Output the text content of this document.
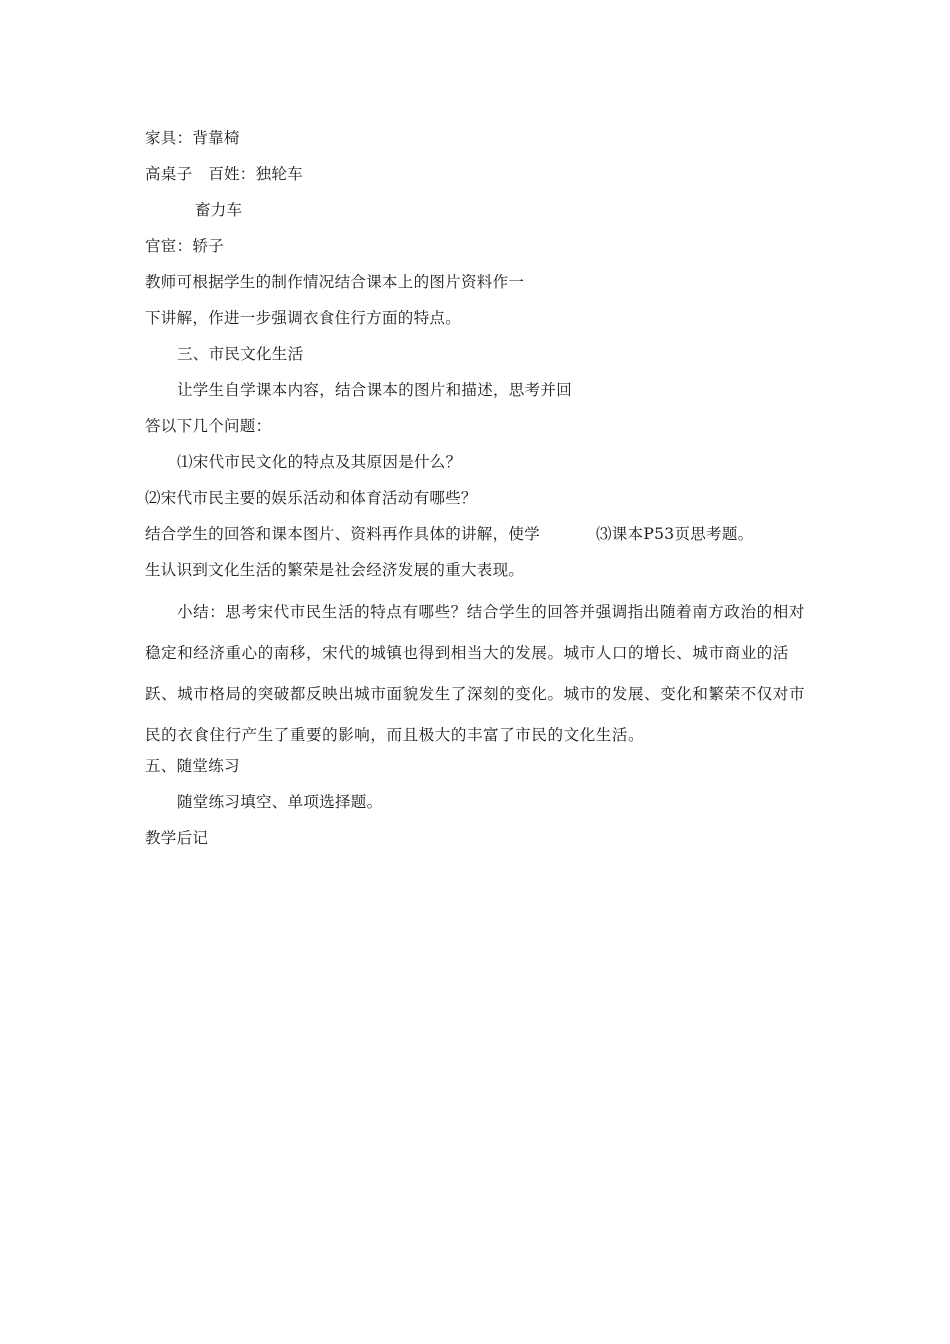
家具：背靠椅
高桌子　百姓：独轮车
畜力车
官宦：轿子
教师可根据学生的制作情况结合课本上的图片资料作一
下讲解，作进一步强调衣食住行方面的特点。
三、市民文化生活
让学生自学课本内容，结合课本的图片和描述，思考并回
答以下几个问题：
⑴宋代市民文化的特点及其原因是什么？
⑵宋代市民主要的娱乐活动和体育活动有哪些？
结合学生的回答和课本图片、资料再作具体的讲解，使学	⑶课本P53页思考题。
生认识到文化生活的繁荣是社会经济发展的重大表现。
小结：思考宋代市民生活的特点有哪些？结合学生的回答并强调指出随着南方政治的相对稳定和经济重心的南移，宋代的城镇也得到相当大的发展。城市人口的增长、城市商业的活跃、城市格局的突破都反映出城市面貌发生了深刻的变化。城市的发展、变化和繁荣不仅对市民的衣食住行产生了重要的影响，而且极大的丰富了市民的文化生活。
五、随堂练习
随堂练习填空、单项选择题。
教学后记
